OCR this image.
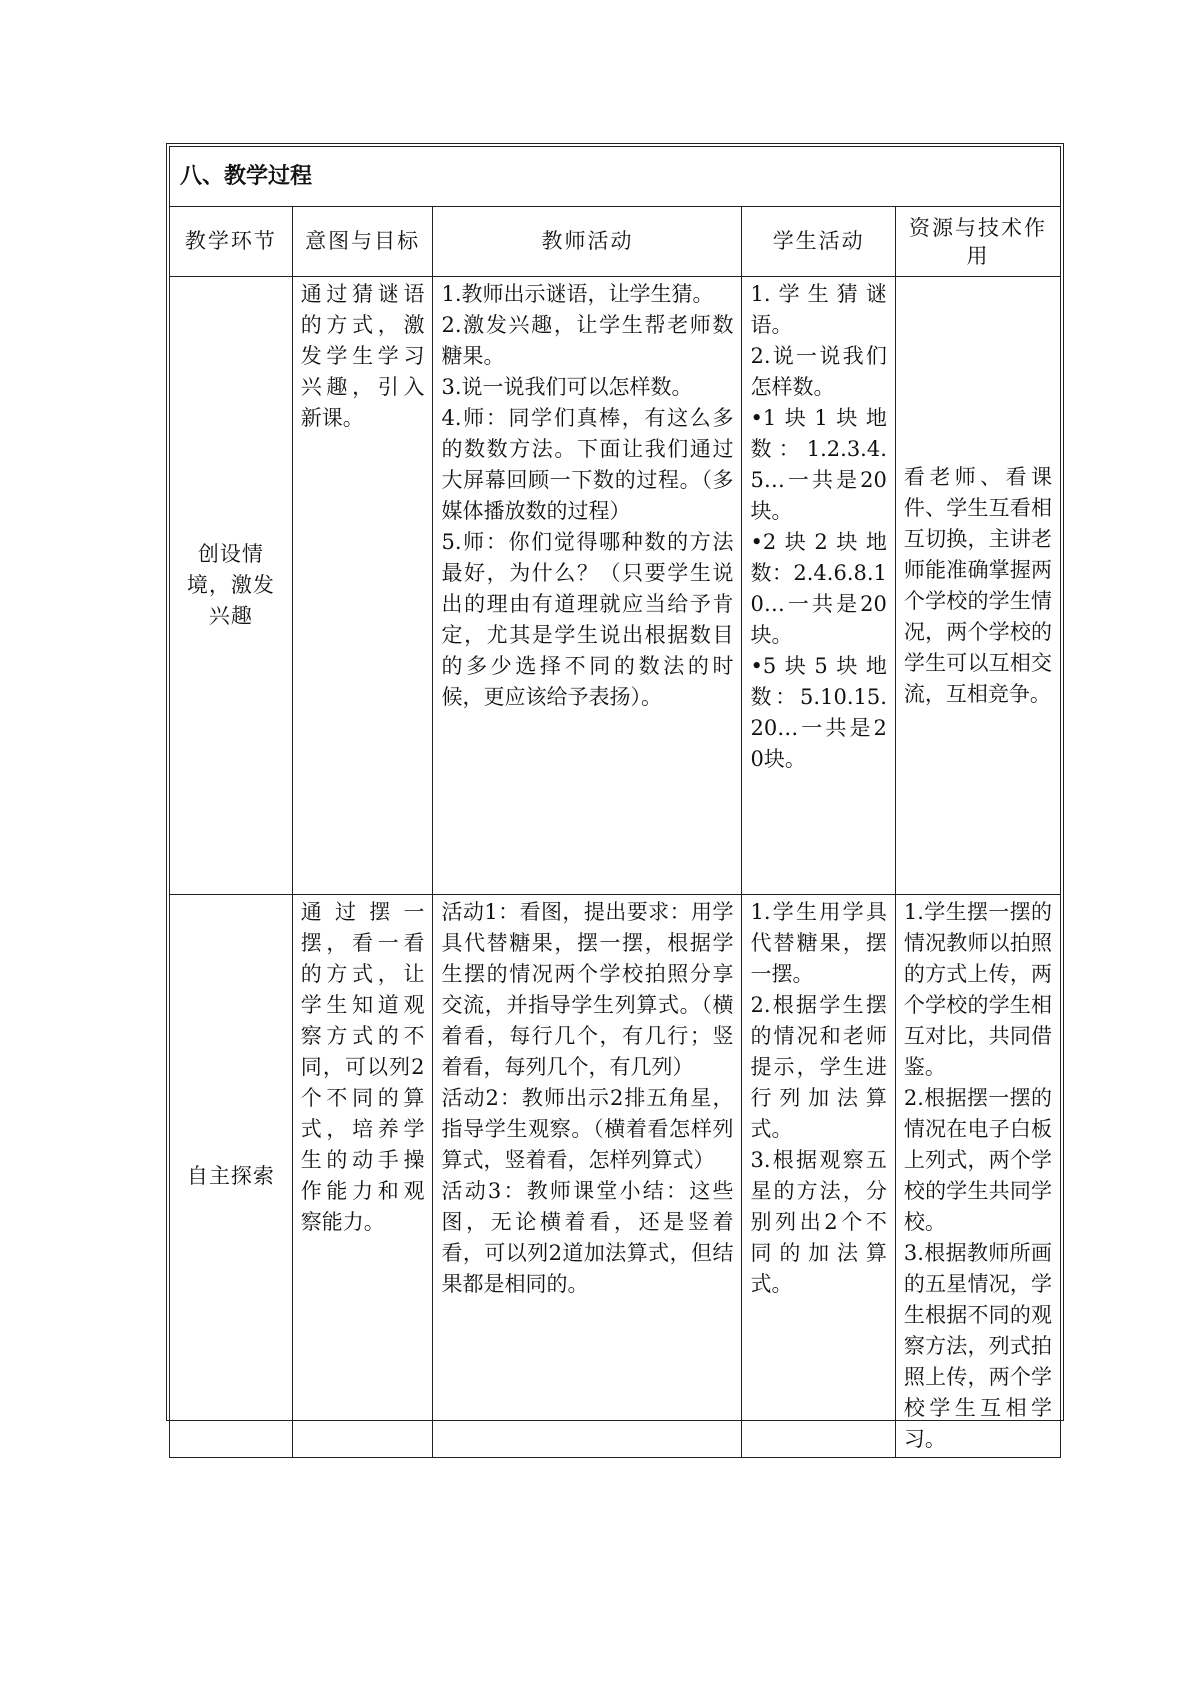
八、教学过程				
教学环节	意图与目标	教师活动	学生活动	资源与技术作用
创设情境，激发兴趣	通过猜谜语的方式，激发学生学习兴趣，引入新课。	1.教师出示谜语，让学生猜。
2.激发兴趣，让学生帮老师数糖果。
3.说一说我们可以怎样数。
4.师：同学们真棒，有这么多的数数方法。下面让我们通过大屏幕回顾一下数的过程。（多媒体播放数的过程）
5.师：你们觉得哪种数的方法最好，为什么？（只要学生说出的理由有道理就应当给予肯定，尤其是学生说出根据数目的多少选择不同的数法的时候，更应该给予表扬）。	1.学生猜谜语。
2.说一说我们怎样数。
•1块1块地数：1.2.3.4.5…一共是20块。
•2块2块地数：2.4.6.8.10…一共是20块。
•5块5块地数：5.10.15.20…一共是20块。	看老师、看课件、学生互看相互切换，主讲老师能准确掌握两个学校的学生情况，两个学校的学生可以互相交流，互相竞争。
自主探索	通过摆一摆，看一看的方式，让学生知道观察方式的不同，可以列2个不同的算式，培养学生的动手操作能力和观察能力。	活动1：看图，提出要求：用学具代替糖果，摆一摆，根据学生摆的情况两个学校拍照分享交流，并指导学生列算式。（横着看，每行几个，有几行；竖着看，每列几个，有几列）
活动2：教师出示2排五角星，指导学生观察。（横着看怎样列算式，竖着看，怎样列算式）
活动3：教师课堂小结：这些图，无论横着看，还是竖着看，可以列2道加法算式，但结果都是相同的。	1.学生用学具代替糖果，摆一摆。
2.根据学生摆的情况和老师提示，学生进行列加法算式。
3.根据观察五星的方法，分别列出2个不同的加法算式。	1.学生摆一摆的情况教师以拍照的方式上传，两个学校的学生相互对比，共同借鉴。
2.根据摆一摆的情况在电子白板上列式，两个学校的学生共同学校。
3.根据教师所画的五星情况，学生根据不同的观察方法，列式拍照上传，两个学校学生互相学习。
